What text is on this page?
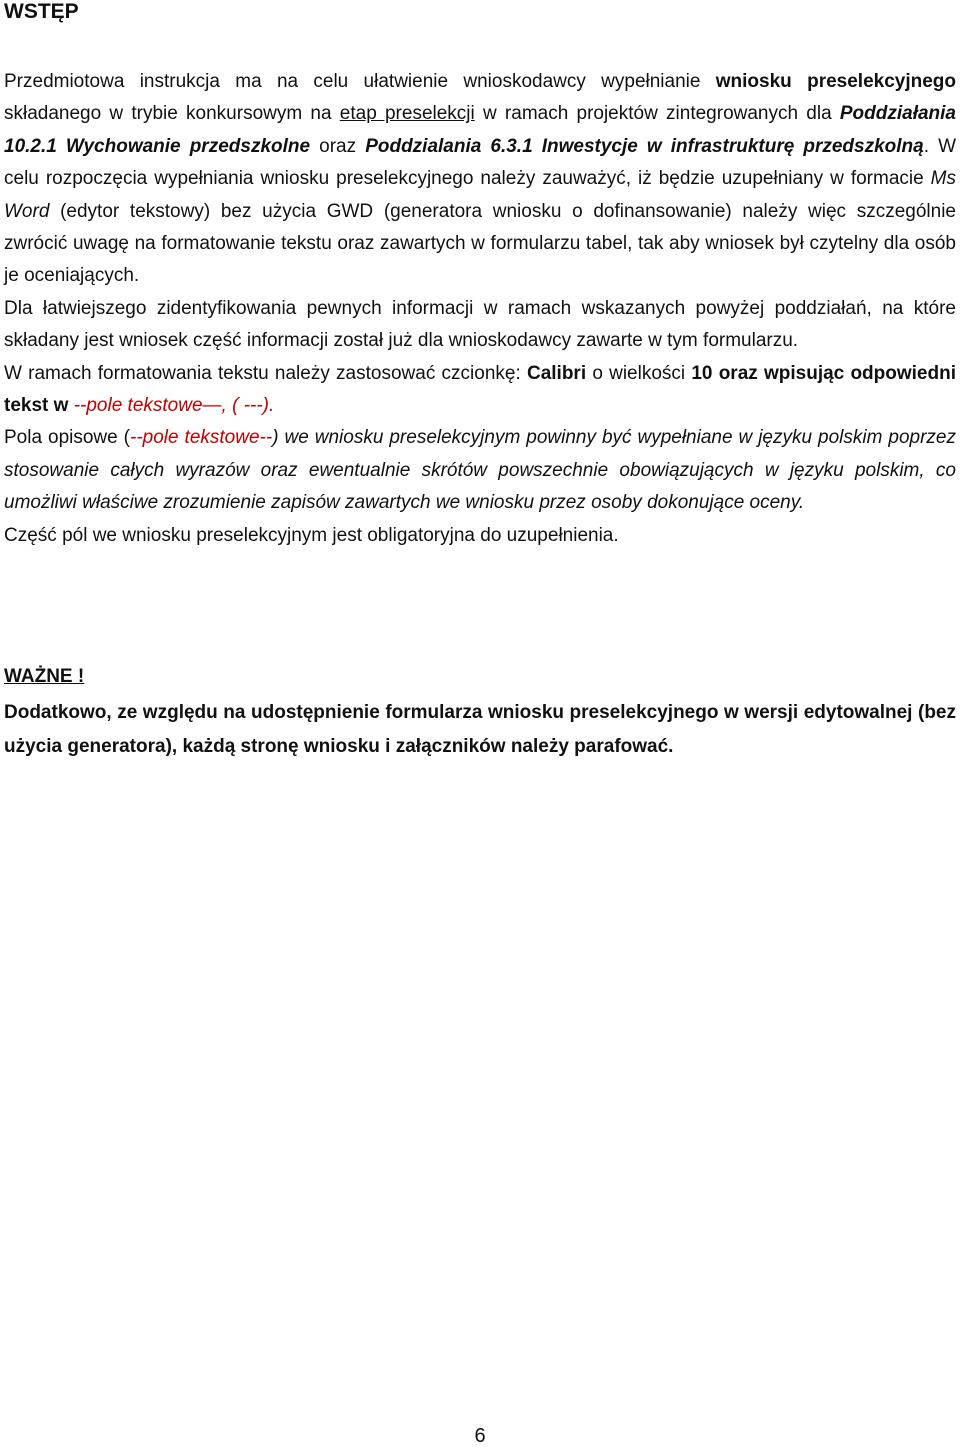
WSTĘP

Przedmiotowa instrukcja ma na celu ułatwienie wnioskodawcy wypełnianie wniosku preselekcyjnego składanego w trybie konkursowym na etap preselekcji w ramach projektów zintegrowanych dla Poddziałania 10.2.1 Wychowanie przedszkolne oraz Poddzialania 6.3.1 Inwestycje w infrastrukturę przedszkolną. W celu rozpoczęcia wypełniania wniosku preselekcyjnego należy zauważyć, iż będzie uzupełniany w formacie Ms Word (edytor tekstowy) bez użycia GWD (generatora wniosku o dofinansowanie) należy więc szczególnie zwrócić uwagę na formatowanie tekstu oraz zawartych w formularzu tabel, tak aby wniosek był czytelny dla osób je oceniających.

Dla łatwiejszego zidentyfikowania pewnych informacji w ramach wskazanych powyżej poddziałań, na które składany jest wniosek część informacji został już dla wnioskodawcy zawarte w tym formularzu.

W ramach formatowania tekstu należy zastosować czcionkę: Calibri o wielkości 10 oraz wpisując odpowiedni tekst w --pole tekstowe—, ( ---).

Pola opisowe (--pole tekstowe--) we wniosku preselekcyjnym powinny być wypełniane w języku polskim poprzez stosowanie całych wyrazów oraz ewentualnie skrótów powszechnie obowiązujących w języku polskim, co umożliwi właściwe zrozumienie zapisów zawartych we wniosku przez osoby dokonujące oceny.

Część pól we wniosku preselekcyjnym jest obligatoryjna do uzupełnienia.

WAŻNE !

Dodatkowo, ze względu na udostępnienie formularza wniosku preselekcyjnego w wersji edytowalnej (bez użycia generatora), każdą stronę wniosku i załączników należy parafować.

6
